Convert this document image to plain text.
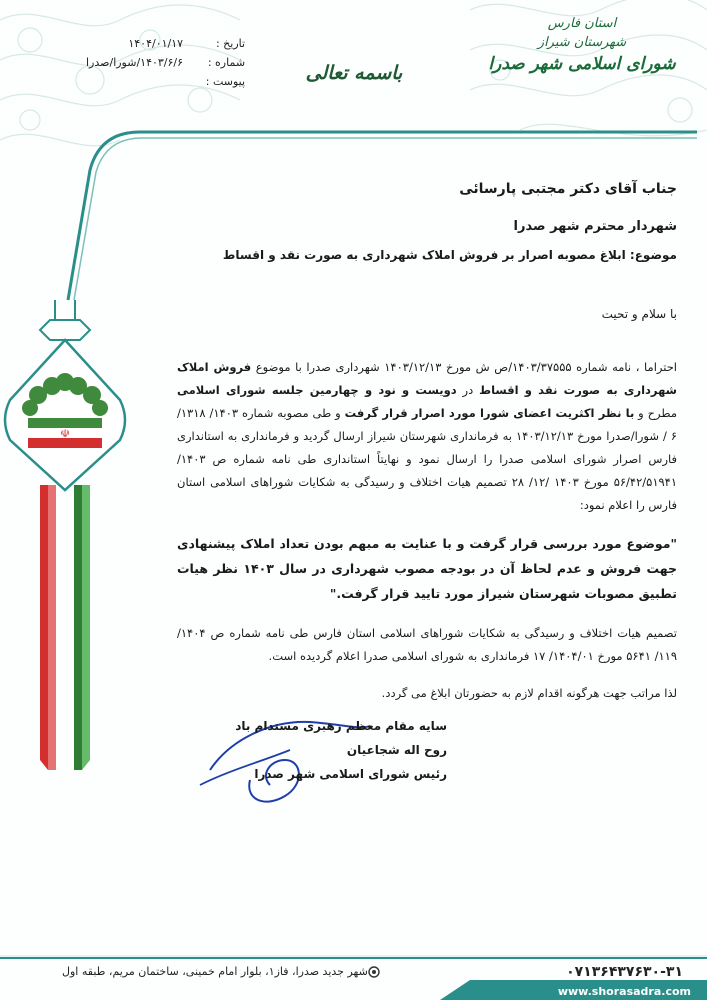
استان فارس
شهرستان شیراز
شورای اسلامی شهر صدرا
باسمه تعالی
تاریخ :
۱۴۰۴/۰۱/۱۷
شماره :
۱۴۰۳/۶/۶/شورا/صدرا
پیوست :
☫

جناب آقای دکتر مجتبی پارسائی

شهردار محترم شهر صدرا

موضوع: ابلاغ مصوبه اصرار بر فروش املاک شهرداری به صورت نقد و اقساط

با سلام و تحیت

احتراما ، نامه شماره ۱۴۰۳/۳۷۵۵۵/ص ش مورخ ۱۴۰۳/۱۲/۱۳ شهرداری صدرا با موضوع فروش املاک شهرداری به صورت نقد و اقساط در دویست و نود و چهارمین جلسه شورای اسلامی مطرح و با نظر اکثریت اعضای شورا مورد اصرار قرار گرفت و طی مصوبه شماره ۱۴۰۳/ ۱۳۱۸/ ۶ / شورا/صدرا مورخ ۱۴۰۳/۱۲/۱۳ به فرمانداری شهرستان شیراز ارسال گردید و فرمانداری به استانداری فارس اصرار شورای اسلامی صدرا را ارسال نمود و نهایتاً استانداری طی نامه شماره ص ۱۴۰۳/ ۵۶/۴۲/۵۱۹۴۱ مورخ ۱۴۰۳ /۱۲/ ۲۸ تصمیم هیات اختلاف و رسیدگی به شکایات شوراهای اسلامی استان فارس را اعلام نمود:

"موضوع مورد بررسی قرار گرفت و با عنایت به مبهم بودن تعداد املاک پیشنهادی جهت فروش و عدم لحاظ آن در بودجه مصوب شهرداری در سال ۱۴۰۳ نظر هیات تطبیق مصوبات شهرستان شیراز مورد تایید قرار گرفت."

تصمیم هیات اختلاف و رسیدگی به شکایات شوراهای اسلامی استان فارس طی نامه شماره ص ۱۴۰۴/ ۱۱۹/ ۵۶۴۱ مورخ ۱۴۰۴/۰۱/ ۱۷ فرمانداری به شورای اسلامی صدرا اعلام گردیده است.

لذا مراتب جهت هرگونه اقدام لازم به حضورتان ابلاغ می گردد.

سایه مقام معظم رهبری مستدام باد
روح اله شجاعیان
رئیس شورای اسلامی شهر صدرا
شهر جدید صدرا، فاز۱، بلوار امام خمینی، ساختمان مریم، طبقه اول	۰۷۱۳۶۴۳۷۶۳۰-۳۱
www.shorasadra.com
